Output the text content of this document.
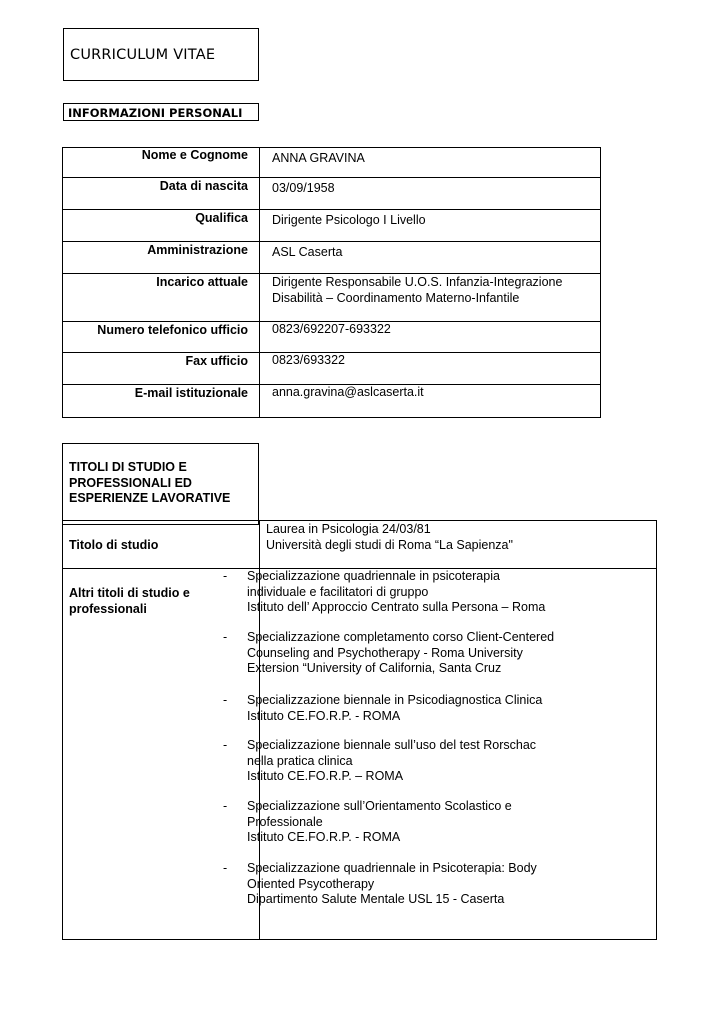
CURRICULUM VITAE
INFORMAZIONI PERSONALI
Nome e Cognome ANNA GRAVINA
Data di nascita 03/09/1958
Qualifica Dirigente Psicologo I Livello
Amministrazione ASL Caserta
Incarico attuale Dirigente Responsabile U.O.S. Infanzia-Integrazione
Disabilità – Coordinamento Materno-Infantile
Numero telefonico ufficio 0823/692207-693322
Fax ufficio 0823/693322
E-mail istituzionale anna.gravina@aslcaserta.it
TITOLI DI STUDIO E
PROFESSIONALI ED
ESPERIENZE LAVORATIVE
Titolo di studio
Laurea in Psicologia 24/03/81
Università degli studi di Roma “La Sapienza"
Altri titoli di studio e
professionali
- Specializzazione quadriennale in psicoterapia
individuale e facilitatori di gruppo
Istituto dell’ Approccio Centrato sulla Persona – Roma
- Specializzazione completamento corso Client-Centered
Counseling and Psychotherapy - Roma University
Extersion “University of California, Santa Cruz
- Specializzazione biennale in Psicodiagnostica Clinica
Istituto CE.FO.R.P. - ROMA
- Specializzazione biennale sull’uso del test Rorschac
nella pratica clinica
Istituto CE.FO.R.P. – ROMA
- Specializzazione sull’Orientamento Scolastico e
Professionale
Istituto CE.FO.R.P. - ROMA
- Specializzazione quadriennale in Psicoterapia: Body
Oriented Psycotherapy
Dipartimento Salute Mentale USL 15 - Caserta
